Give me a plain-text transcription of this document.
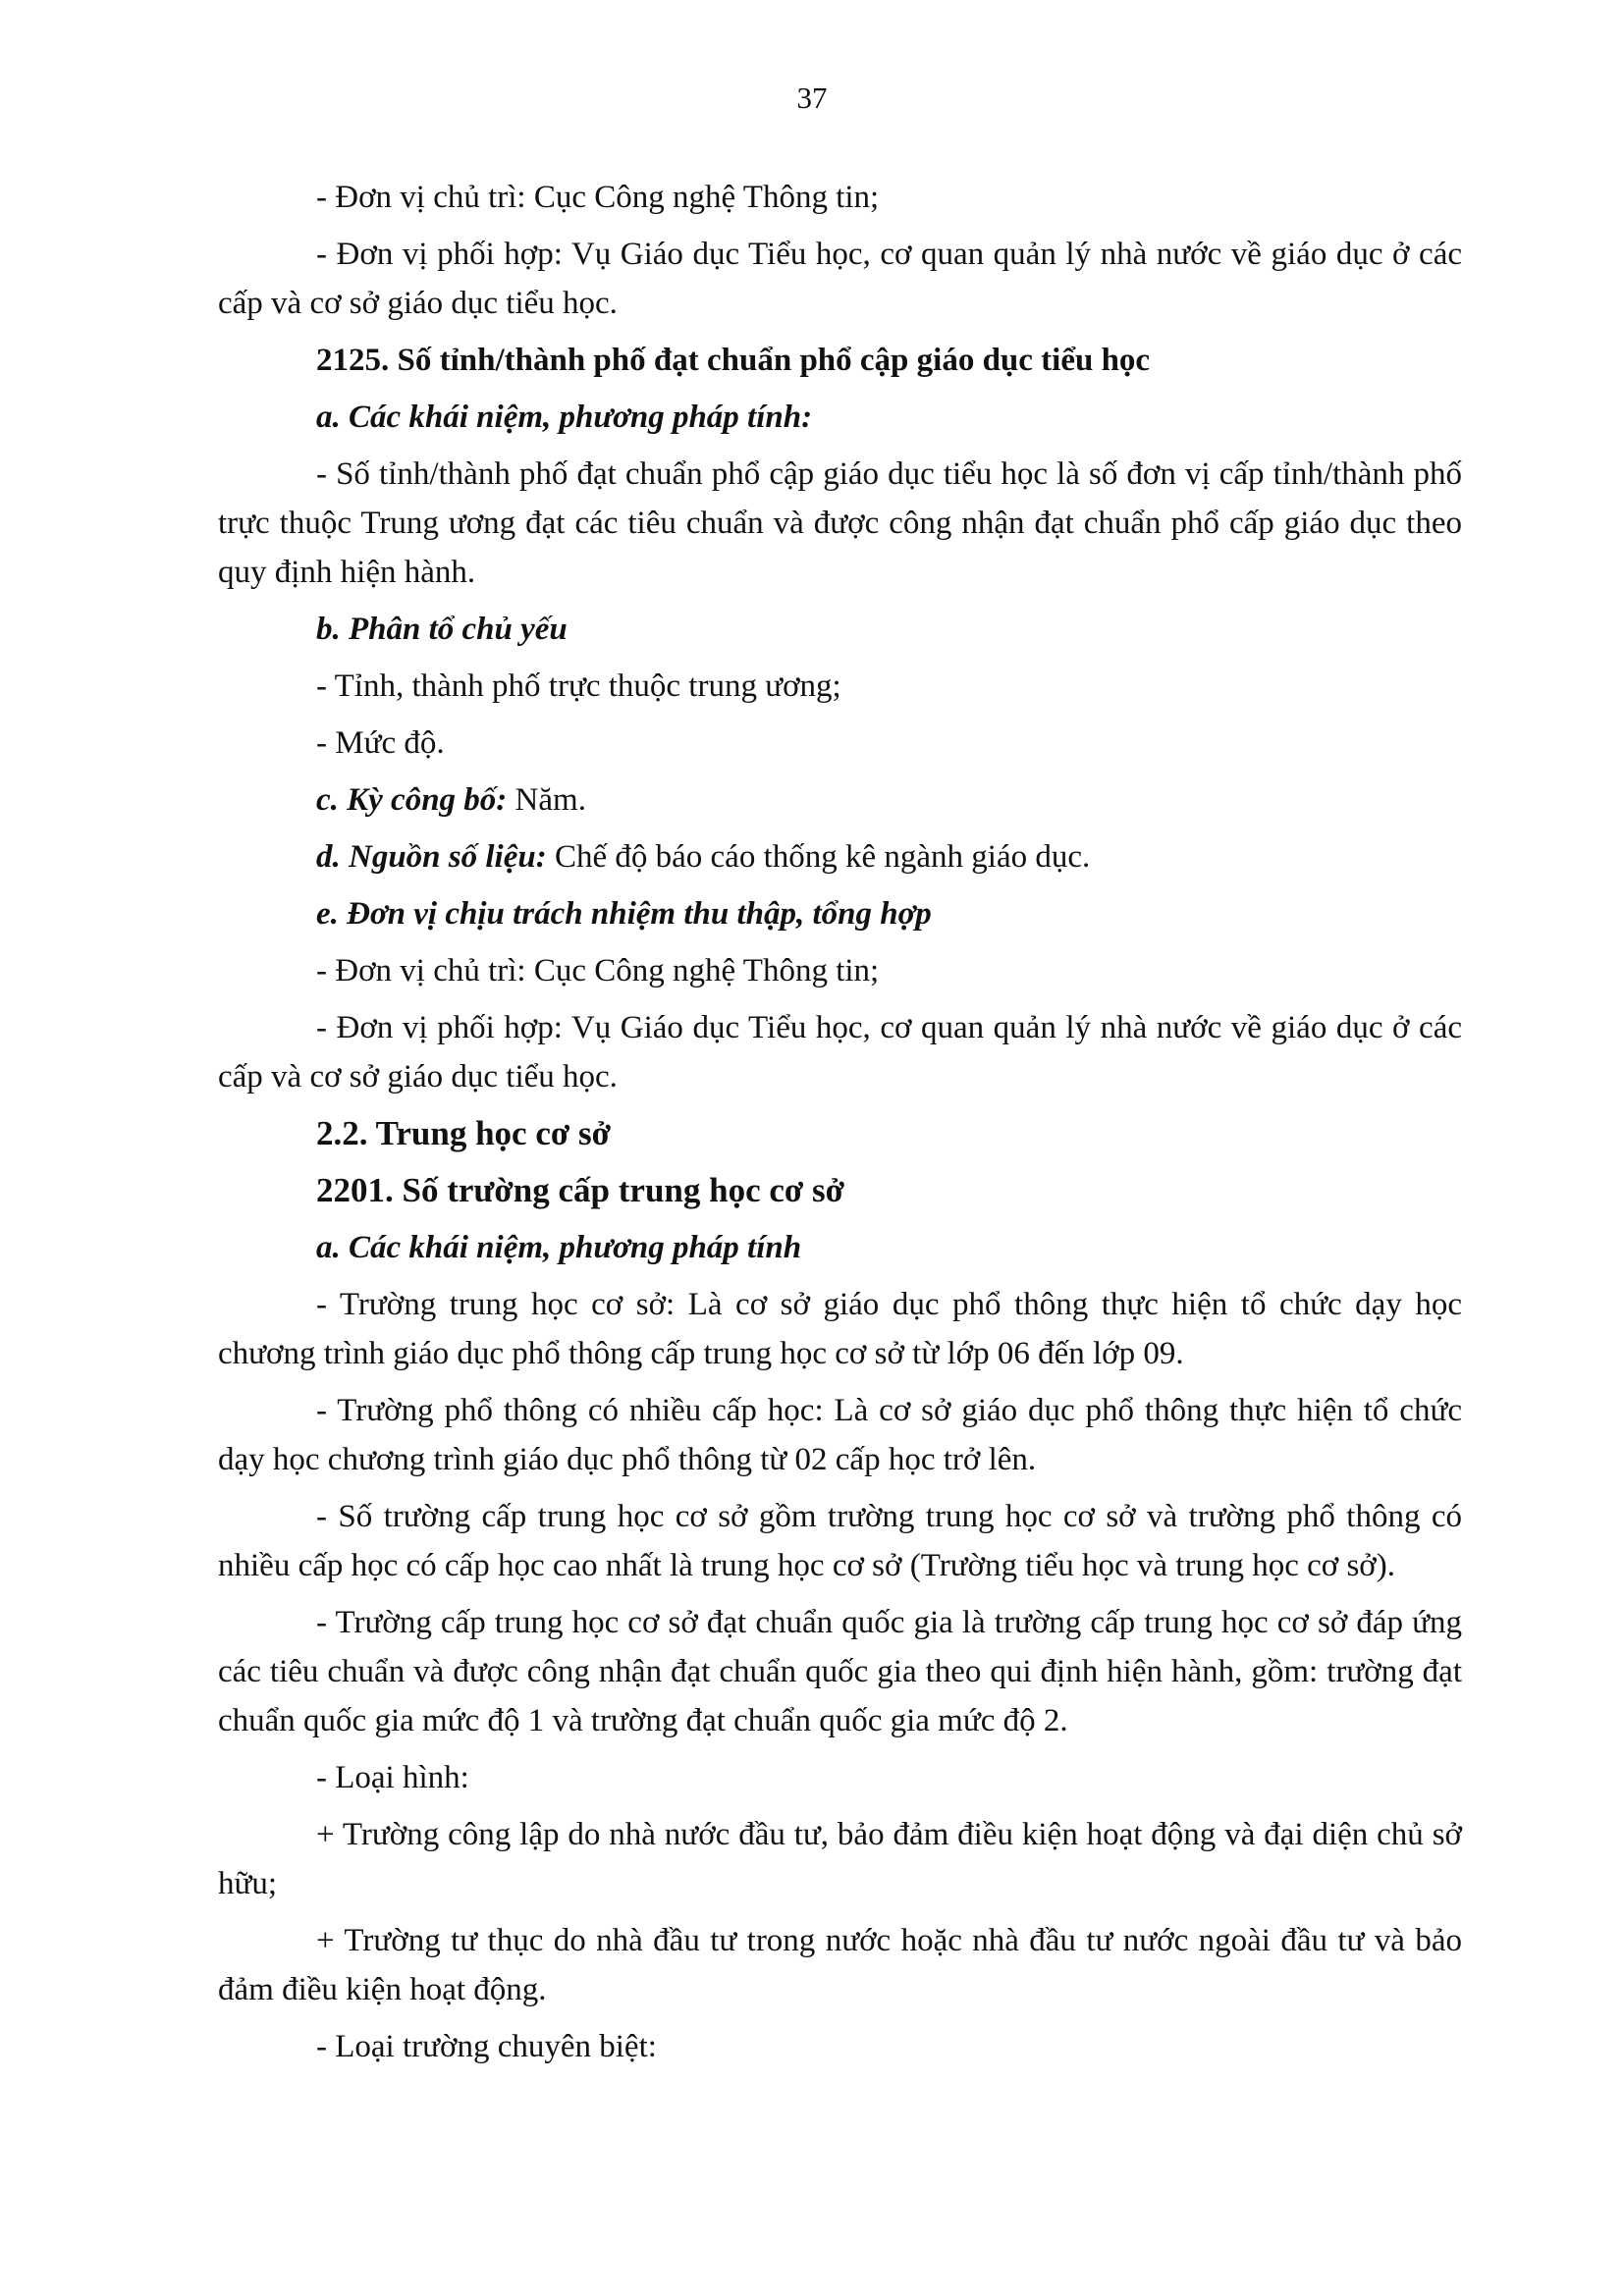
37

- Đơn vị chủ trì: Cục Công nghệ Thông tin;

- Đơn vị phối hợp: Vụ Giáo dục Tiểu học, cơ quan quản lý nhà nước về giáo dục ở các cấp và cơ sở giáo dục tiểu học.

2125. Số tỉnh/thành phố đạt chuẩn phổ cập giáo dục tiểu học

a. Các khái niệm, phương pháp tính:

- Số tỉnh/thành phố đạt chuẩn phổ cập giáo dục tiểu học là số đơn vị cấp tỉnh/thành phố trực thuộc Trung ương đạt các tiêu chuẩn và được công nhận đạt chuẩn phổ cấp giáo dục theo quy định hiện hành.

b. Phân tổ chủ yếu

- Tỉnh, thành phố trực thuộc trung ương;

- Mức độ.

c. Kỳ công bố: Năm.

d. Nguồn số liệu: Chế độ báo cáo thống kê ngành giáo dục.

e. Đơn vị chịu trách nhiệm thu thập, tổng hợp

- Đơn vị chủ trì: Cục Công nghệ Thông tin;

- Đơn vị phối hợp: Vụ Giáo dục Tiểu học, cơ quan quản lý nhà nước về giáo dục ở các cấp và cơ sở giáo dục tiểu học.

2.2. Trung học cơ sở

2201. Số trường cấp trung học cơ sở

a. Các khái niệm, phương pháp tính

- Trường trung học cơ sở: Là cơ sở giáo dục phổ thông thực hiện tổ chức dạy học chương trình giáo dục phổ thông cấp trung học cơ sở từ lớp 06 đến lớp 09.

- Trường phổ thông có nhiều cấp học: Là cơ sở giáo dục phổ thông thực hiện tổ chức dạy học chương trình giáo dục phổ thông từ 02 cấp học trở lên.

- Số trường cấp trung học cơ sở gồm trường trung học cơ sở và trường phổ thông có nhiều cấp học có cấp học cao nhất là trung học cơ sở (Trường tiểu học và trung học cơ sở).

- Trường cấp trung học cơ sở đạt chuẩn quốc gia là trường cấp trung học cơ sở đáp ứng các tiêu chuẩn và được công nhận đạt chuẩn quốc gia theo qui định hiện hành, gồm: trường đạt chuẩn quốc gia mức độ 1 và trường đạt chuẩn quốc gia mức độ 2.

- Loại hình:

+ Trường công lập do nhà nước đầu tư, bảo đảm điều kiện hoạt động và đại diện chủ sở hữu;

+ Trường tư thục do nhà đầu tư trong nước hoặc nhà đầu tư nước ngoài đầu tư và bảo đảm điều kiện hoạt động.

- Loại trường chuyên biệt:
